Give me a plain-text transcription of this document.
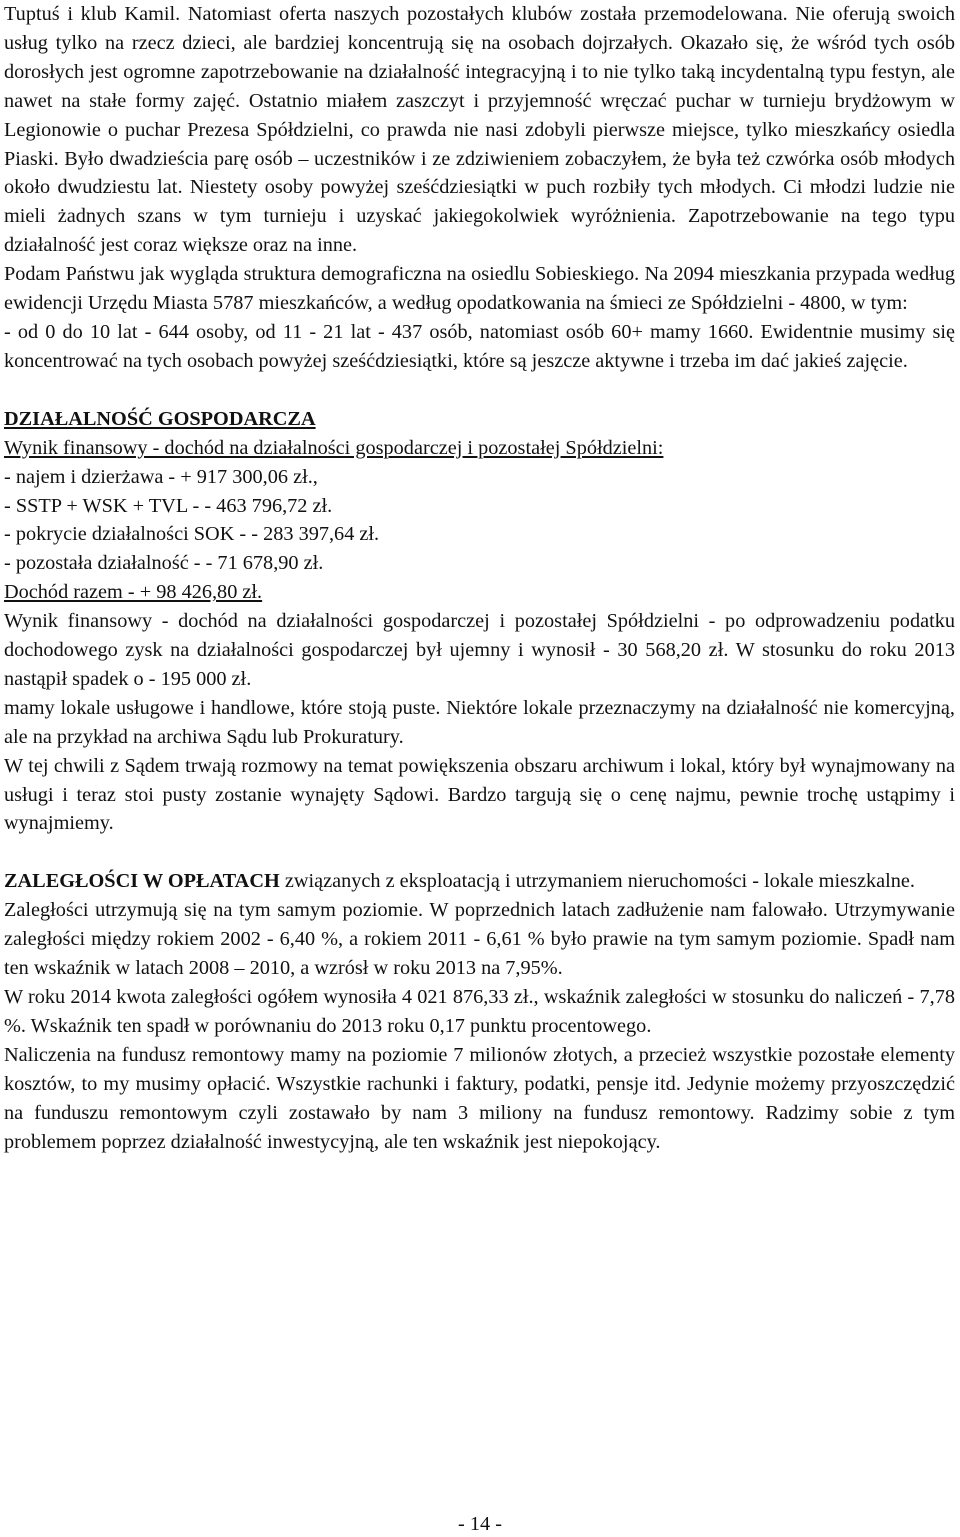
Tuptuś i klub Kamil. Natomiast oferta naszych pozostałych klubów została przemodelowana. Nie oferują swoich usług tylko na rzecz dzieci, ale bardziej koncentrują się na osobach dojrzałych. Okazało się, że wśród tych osób dorosłych jest ogromne zapotrzebowanie na działalność integracyjną i to nie tylko taką incydentalną typu festyn, ale nawet na stałe formy zajęć. Ostatnio miałem zaszczyt i przyjemność wręczać puchar w turnieju brydżowym w Legionowie o puchar Prezesa Spółdzielni, co prawda nie nasi zdobyli pierwsze miejsce, tylko mieszkańcy osiedla Piaski. Było dwadzieścia parę osób – uczestników i ze zdziwieniem zobaczyłem, że była też czwórka osób młodych około dwudziestu lat. Niestety osoby powyżej sześćdziesiątki w puch rozbiły tych młodych. Ci młodzi ludzie nie mieli żadnych szans w tym turnieju i uzyskać jakiegokolwiek wyróżnienia. Zapotrzebowanie na tego typu działalność jest coraz większe oraz na inne.

Podam Państwu jak wygląda struktura demograficzna na osiedlu Sobieskiego. Na 2094 mieszkania przypada według ewidencji Urzędu Miasta 5787 mieszkańców, a według opodatkowania na śmieci ze Spółdzielni - 4800, w tym:

- od 0 do 10 lat - 644 osoby, od 11 - 21 lat - 437 osób, natomiast osób 60+ mamy 1660. Ewidentnie musimy się koncentrować na tych osobach powyżej sześćdziesiątki, które są jeszcze aktywne i trzeba im dać jakieś zajęcie.

DZIAŁALNOŚĆ GOSPODARCZA

Wynik finansowy - dochód na działalności gospodarczej i pozostałej Spółdzielni:

- najem i dzierżawa - + 917 300,06 zł.,

- SSTP + WSK + TVL - - 463 796,72 zł.

- pokrycie działalności SOK - - 283 397,64 zł.

- pozostała działalność - - 71 678,90 zł.

Dochód razem - + 98 426,80 zł.

Wynik finansowy - dochód na działalności gospodarczej i pozostałej Spółdzielni - po odprowadzeniu podatku dochodowego zysk na działalności gospodarczej był ujemny i wynosił - 30 568,20 zł. W stosunku do roku 2013 nastąpił spadek o - 195 000 zł.

mamy lokale usługowe i handlowe, które stoją puste. Niektóre lokale przeznaczymy na działalność nie komercyjną, ale na przykład na archiwa Sądu lub Prokuratury.

W tej chwili z Sądem trwają rozmowy na temat powiększenia obszaru archiwum i lokal, który był wynajmowany na usługi i teraz stoi pusty zostanie wynajęty Sądowi. Bardzo targują się o cenę najmu, pewnie trochę ustąpimy i wynajmiemy.

ZALEGŁOŚCI W OPŁATACH związanych z eksploatacją i utrzymaniem nieruchomości - lokale mieszkalne.

Zaległości utrzymują się na tym samym poziomie. W poprzednich latach zadłużenie nam falowało. Utrzymywanie zaległości między rokiem 2002 - 6,40 %, a rokiem 2011 - 6,61 % było prawie na tym samym poziomie. Spadł nam ten wskaźnik w latach 2008 – 2010, a wzrósł w roku 2013 na 7,95%.

W roku 2014 kwota zaległości ogółem wynosiła 4 021 876,33 zł., wskaźnik zaległości w stosunku do naliczeń - 7,78 %. Wskaźnik ten spadł w porównaniu do 2013 roku 0,17 punktu procentowego.

Naliczenia na fundusz remontowy mamy na poziomie 7 milionów złotych, a przecież wszystkie pozostałe elementy kosztów, to my musimy opłacić. Wszystkie rachunki i faktury, podatki, pensje itd. Jedynie możemy przyoszczędzić na funduszu remontowym czyli zostawało by nam 3 miliony na fundusz remontowy. Radzimy sobie z tym problemem poprzez działalność inwestycyjną, ale ten wskaźnik jest niepokojący.

- 14 -
